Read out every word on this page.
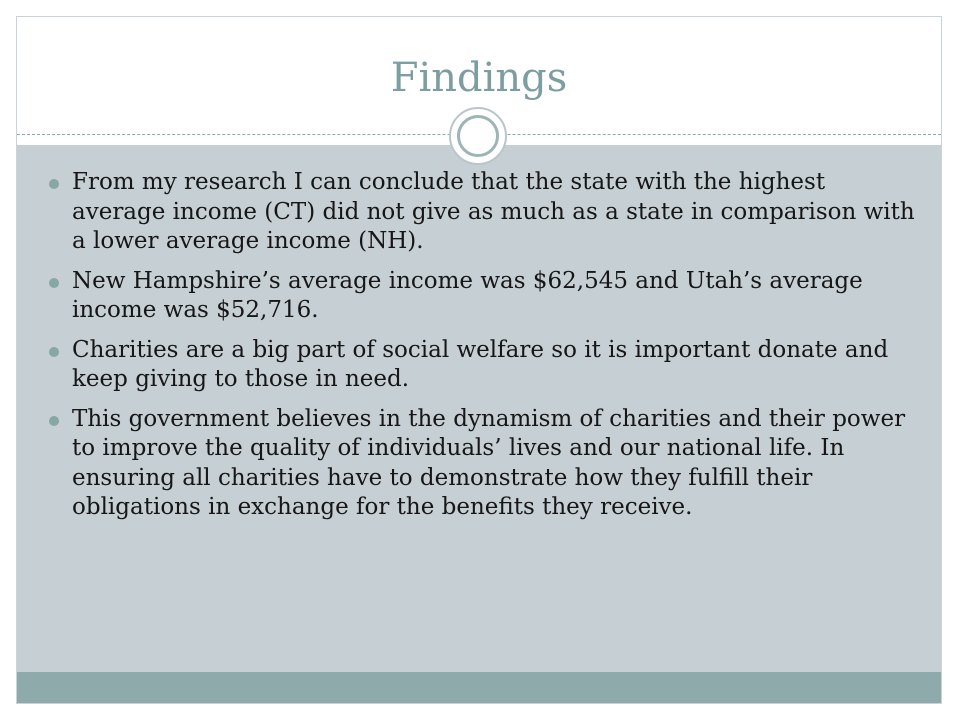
Findings
From my research I can conclude that the state with the highest average income (CT) did not give as much as a state in comparison with a lower average income (NH).
New Hampshire’s average income was $62,545 and Utah’s average income was $52,716.
Charities are a big part of social welfare so it is important donate and keep giving to those in need.
This government believes in the dynamism of charities and their power to improve the quality of individuals’ lives and our national life. In ensuring all charities have to demonstrate how they fulfill their obligations in exchange for the benefits they receive.
